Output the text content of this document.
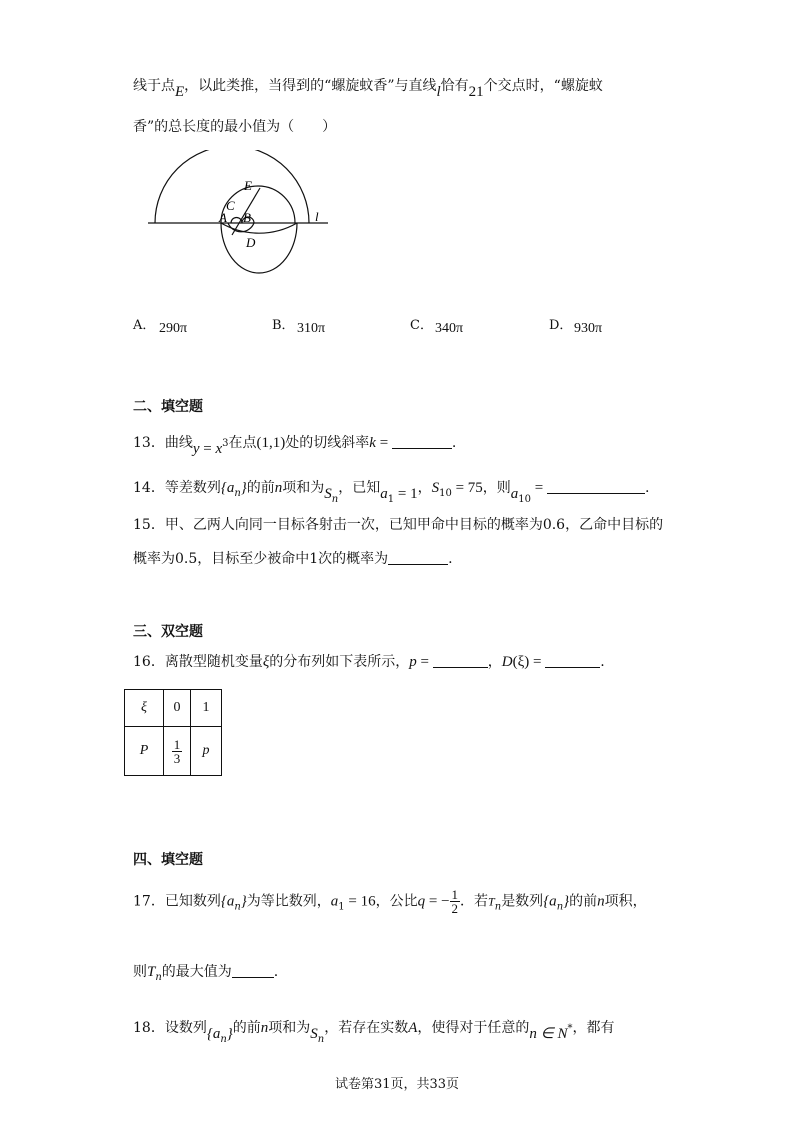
线于点E，以此类推，当得到的“螺旋蚊香”与直线l恰有21个交点时，“螺旋蚊
香”的总长度的最小值为（　　）
E
C
A B
D
l
A． 290π	B． 310π	C． 340π	D． 930π
二、填空题
13．曲线$y = x^3$在点(1,1)处的切线斜率k =	.
14．等差数列$\{a_n\}$的前n项和为$S_n$，已知$a_1 = 1$，$S_{10} = 75$，则$a_{10}$ =	.
15．甲、乙两人向同一目标各射击一次，已知甲命中目标的概率为0.6，乙命中目标的
概率为0.5，目标至少被命中1次的概率为	.
三、双空题
16．离散型随机变量ξ的分布列如下表所示，p =	，D(ξ) =	.
ξ	0	1
P	$\frac{1}{3}$	p
四、填空题
17．已知数列$\{a_n\}$为等比数列，$a_1 = 16$，公比q = − $\frac{1}{2}$ ．若$T_n$是数列$\{a_n\}$的前n项积，
则$T_n$的最大值为	.
18．设数列$\{a_n\}$的前n项和为$S_n$，若存在实数A，使得对于任意的n ∈ N*，都有
试卷第31页，共33页
